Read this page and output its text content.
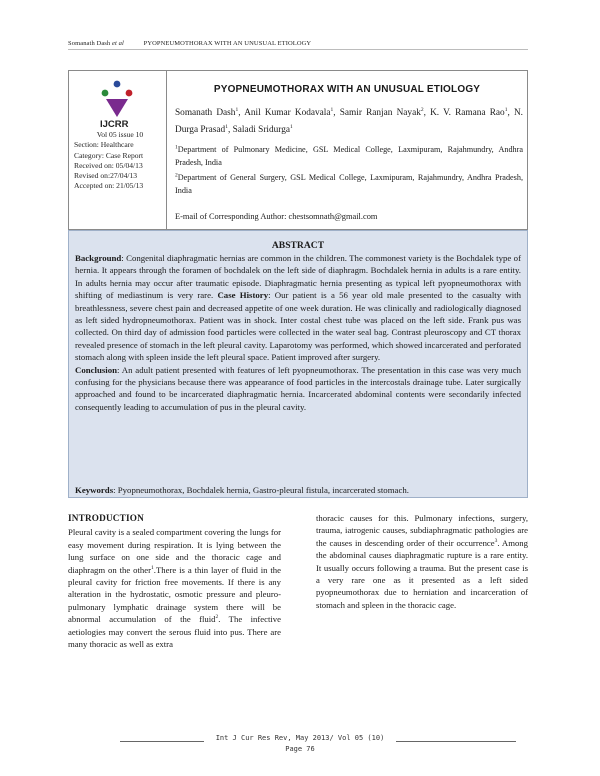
Somanath Dash et al	PYOPNEUMOTHORAX WITH AN UNUSUAL ETIOLOGY
IJCRR
Vol 05 issue 10
Section: Healthcare
Category: Case Report
Received on: 05/04/13
Revised on:27/04/13
Accepted on: 21/05/13
PYOPNEUMOTHORAX WITH AN UNUSUAL ETIOLOGY
Somanath Dash$^1$, Anil Kumar Kodavala$^1$, Samir Ranjan Nayak$^2$, K. V. Ramana Rao$^1$, N. Durga Prasad$^1$, Saladi Sridurga$^1$

$^1$Department of Pulmonary Medicine, GSL Medical College, Laxmipuram, Rajahmundry, Andhra Pradesh, India

$^2$Department of General Surgery, GSL Medical College, Laxmipuram, Rajahmundry, Andhra Pradesh, India

E-mail of Corresponding Author: chestsomnath@gmail.com
ABSTRACT

Background: Congenital diaphragmatic hernias are common in the children. The commonest variety is the Bochdalek type of hernia. It appears through the foramen of bochdalek on the left side of diaphragm. Bochdalek hernia in adults is a rare entity. In adults hernia may occur after traumatic episode. Diaphragmatic hernia presenting as typical left pyopneumothorax with shifting of mediastinum is very rare. Case History: Our patient is a 56 year old male presented to the casualty with breathlessness, severe chest pain and decreased appetite of one week duration. He was clinically and radiologically diagnosed as left sided hydropneumothorax. Patient was in shock. Inter costal chest tube was placed on the left side. Frank pus was collected. On third day of admission food particles were collected in the water seal bag. Contrast pleuroscopy and CT thorax revealed presence of stomach in the left pleural cavity. Laparotomy was performed, which showed incarcerated and perforated stomach along with spleen inside the left pleural space. Patient improved after surgery.

Conclusion: An adult patient presented with features of left pyopneumothorax. The presentation in this case was very much confusing for the physicians because there was appearance of food particles in the intercostals drainage tube. Later surgically approached and found to be incarcerated diaphragmatic hernia. Incarcerated abdominal contents were secondarily infected consequently leading to accumulation of pus in the pleural cavity.

Keywords: Pyopneumothorax, Bochdalek hernia, Gastro-pleural fistula, incarcerated stomach.
INTRODUCTION

Pleural cavity is a sealed compartment covering the lungs for easy movement during respiration. It is lying between the lung surface on one side and the thoracic cage and diaphragm on the other$^1$.There is a thin layer of fluid in the pleural cavity for friction free movements. If there is any alteration in the hydrostatic, osmotic pressure and pleuro- pulmonary lymphatic drainage system there will be abnormal accumulation of the fluid$^2$. The infective aetiologies may convert the serous fluid into pus. There are many thoracic as well as extra

thoracic causes for this. Pulmonary infections, surgery, trauma, iatrogenic causes, subdiaphragmatic pathologies are the causes in descending order of their occurrence$^3$. Among the abdominal causes diaphragmatic rupture is a rare entity. It usually occurs following a trauma. But the present case is a very rare one as it presented as a left sided pyopneumothorax due to herniation and incarceration of stomach and spleen in the thoracic cage.

Int J Cur Res Rev, May 2013/ Vol 05 (10)
Page 76
